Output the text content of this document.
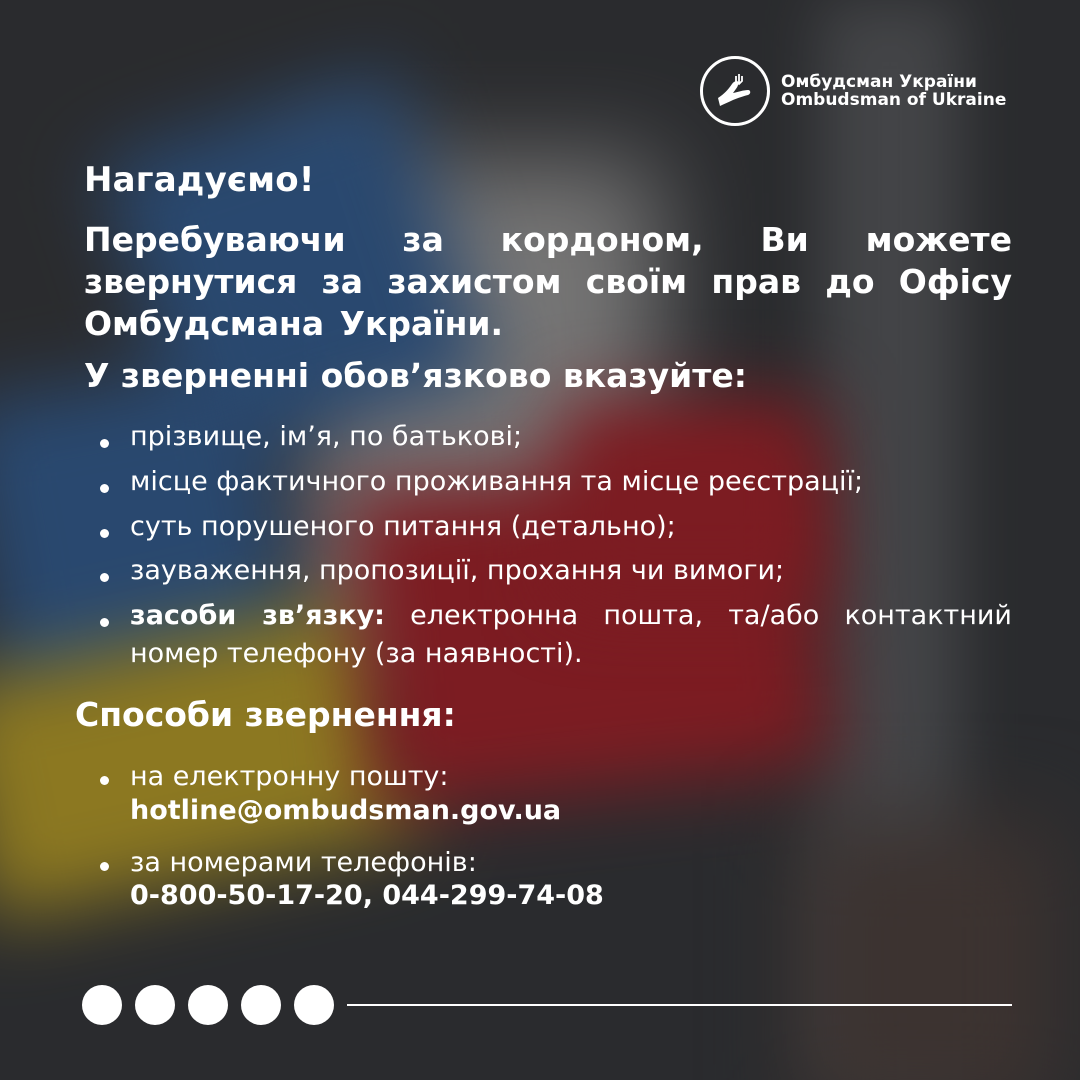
Омбудсман України
Ombudsman of Ukraine
Нагадуємо!
Перебуваючи за кордоном, Ви можете звернутися за захистом своїм прав до Офісу Омбудсмана України.
У зверненні обов’язково вказуйте:
прізвище, ім’я, по батькові;
місце фактичного проживання та місце реєстрації;
суть порушеного питання (детально);
зауваження, пропозиції, прохання чи вимоги;
засоби зв’язку: електронна пошта, та/або контактний номер телефону (за наявності).
Способи звернення:
на електронну пошту:
hotline@ombudsman.gov.ua
за номерами телефонів:
0-800-50-17-20, 044-299-74-08
